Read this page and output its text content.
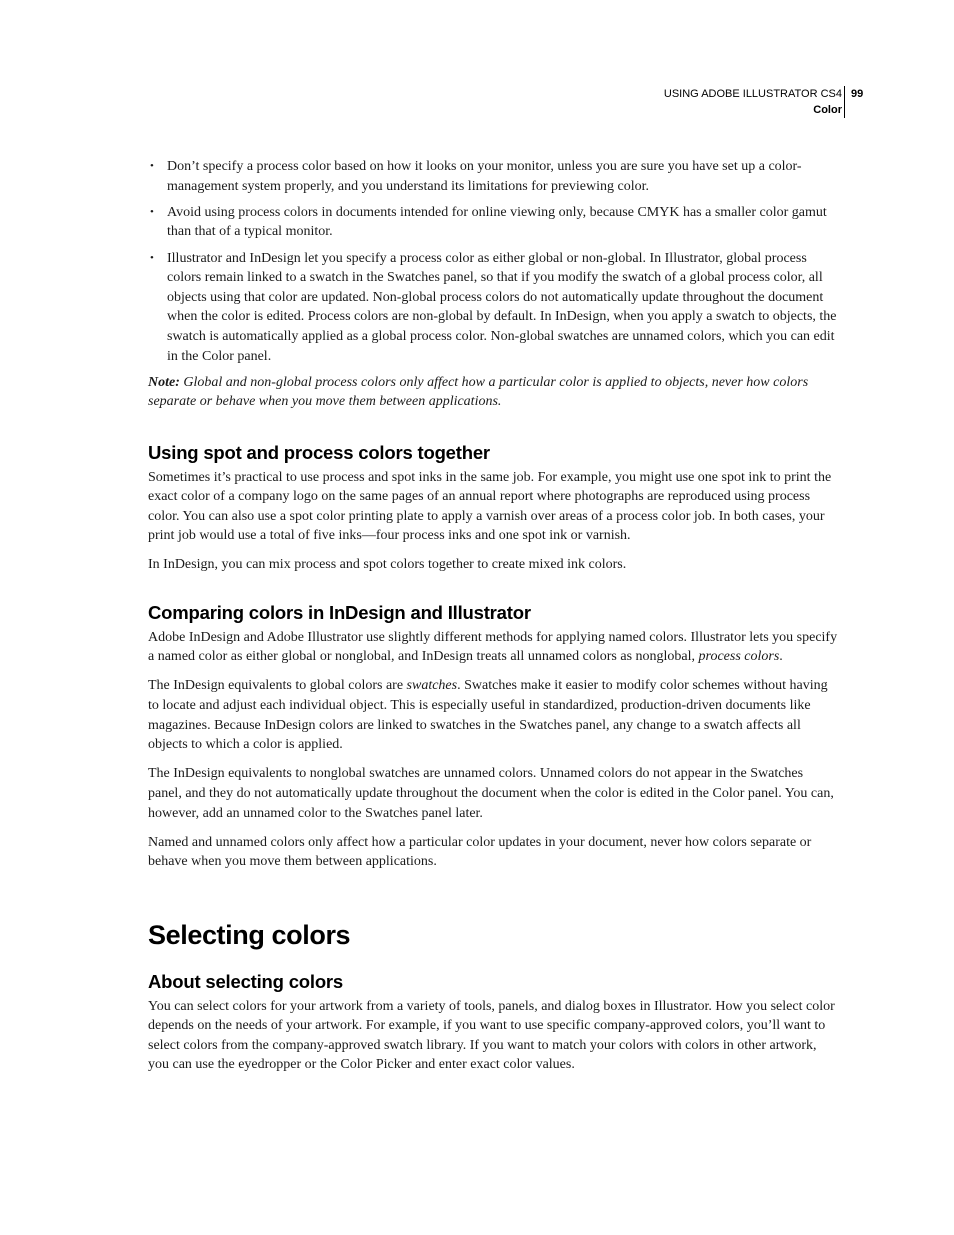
USING ADOBE ILLUSTRATOR CS4
Color
99
• Don’t specify a process color based on how it looks on your monitor, unless you are sure you have set up a color-management system properly, and you understand its limitations for previewing color.
• Avoid using process colors in documents intended for online viewing only, because CMYK has a smaller color gamut than that of a typical monitor.
• Illustrator and InDesign let you specify a process color as either global or non-global. In Illustrator, global process colors remain linked to a swatch in the Swatches panel, so that if you modify the swatch of a global process color, all objects using that color are updated. Non-global process colors do not automatically update throughout the document when the color is edited. Process colors are non-global by default. In InDesign, when you apply a swatch to objects, the swatch is automatically applied as a global process color. Non-global swatches are unnamed colors, which you can edit in the Color panel.

Note: Global and non-global process colors only affect how a particular color is applied to objects, never how colors separate or behave when you move them between applications.

Using spot and process colors together

Sometimes it’s practical to use process and spot inks in the same job. For example, you might use one spot ink to print the exact color of a company logo on the same pages of an annual report where photographs are reproduced using process color. You can also use a spot color printing plate to apply a varnish over areas of a process color job. In both cases, your print job would use a total of five inks—four process inks and one spot ink or varnish.

In InDesign, you can mix process and spot colors together to create mixed ink colors.

Comparing colors in InDesign and Illustrator

Adobe InDesign and Adobe Illustrator use slightly different methods for applying named colors. Illustrator lets you specify a named color as either global or nonglobal, and InDesign treats all unnamed colors as nonglobal, process colors.

The InDesign equivalents to global colors are swatches. Swatches make it easier to modify color schemes without having to locate and adjust each individual object. This is especially useful in standardized, production-driven documents like magazines. Because InDesign colors are linked to swatches in the Swatches panel, any change to a swatch affects all objects to which a color is applied.

The InDesign equivalents to nonglobal swatches are unnamed colors. Unnamed colors do not appear in the Swatches panel, and they do not automatically update throughout the document when the color is edited in the Color panel. You can, however, add an unnamed color to the Swatches panel later.

Named and unnamed colors only affect how a particular color updates in your document, never how colors separate or behave when you move them between applications.

Selecting colors
About selecting colors

You can select colors for your artwork from a variety of tools, panels, and dialog boxes in Illustrator. How you select color depends on the needs of your artwork. For example, if you want to use specific company-approved colors, you’ll want to select colors from the company-approved swatch library. If you want to match your colors with colors in other artwork, you can use the eyedropper or the Color Picker and enter exact color values.
